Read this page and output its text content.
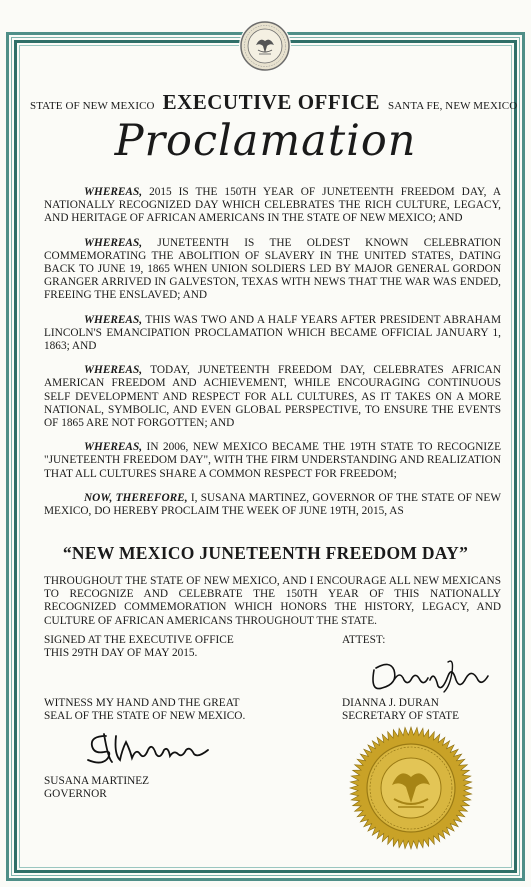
STATE OF NEW MEXICO EXECUTIVE OFFICE SANTA FE, NEW MEXICO
Proclamation

WHEREAS, 2015 IS THE 150TH YEAR OF JUNETEENTH FREEDOM DAY, A NATIONALLY RECOGNIZED DAY WHICH CELEBRATES THE RICH CULTURE, LEGACY, AND HERITAGE OF AFRICAN AMERICANS IN THE STATE OF NEW MEXICO; AND

WHEREAS, JUNETEENTH IS THE OLDEST KNOWN CELEBRATION COMMEMORATING THE ABOLITION OF SLAVERY IN THE UNITED STATES, DATING BACK TO JUNE 19, 1865 WHEN UNION SOLDIERS LED BY MAJOR GENERAL GORDON GRANGER ARRIVED IN GALVESTON, TEXAS WITH NEWS THAT THE WAR WAS ENDED, FREEING THE ENSLAVED; AND

WHEREAS, THIS WAS TWO AND A HALF YEARS AFTER PRESIDENT ABRAHAM LINCOLN'S EMANCIPATION PROCLAMATION WHICH BECAME OFFICIAL JANUARY 1, 1863; AND

WHEREAS, TODAY, JUNETEENTH FREEDOM DAY, CELEBRATES AFRICAN AMERICAN FREEDOM AND ACHIEVEMENT, WHILE ENCOURAGING CONTINUOUS SELF DEVELOPMENT AND RESPECT FOR ALL CULTURES, AS IT TAKES ON A MORE NATIONAL, SYMBOLIC, AND EVEN GLOBAL PERSPECTIVE, TO ENSURE THE EVENTS OF 1865 ARE NOT FORGOTTEN; AND

WHEREAS, IN 2006, NEW MEXICO BECAME THE 19TH STATE TO RECOGNIZE "JUNETEENTH FREEDOM DAY", WITH THE FIRM UNDERSTANDING AND REALIZATION THAT ALL CULTURES SHARE A COMMON RESPECT FOR FREEDOM;

NOW, THEREFORE, I, SUSANA MARTINEZ, GOVERNOR OF THE STATE OF NEW MEXICO, DO HEREBY PROCLAIM THE WEEK OF JUNE 19TH, 2015, AS

“NEW MEXICO JUNETEENTH FREEDOM DAY”

THROUGHOUT THE STATE OF NEW MEXICO, AND I ENCOURAGE ALL NEW MEXICANS TO RECOGNIZE AND CELEBRATE THE 150TH YEAR OF THIS NATIONALLY RECOGNIZED COMMEMORATION WHICH HONORS THE HISTORY, LEGACY, AND CULTURE OF AFRICAN AMERICANS THROUGHOUT THE STATE.

SIGNED AT THE EXECUTIVE OFFICE

THIS 29TH DAY OF MAY 2015.

ATTEST:

WITNESS MY HAND AND THE GREAT

SEAL OF THE STATE OF NEW MEXICO.

DIANNA J. DURAN

SECRETARY OF STATE

SUSANA MARTINEZ

GOVERNOR
